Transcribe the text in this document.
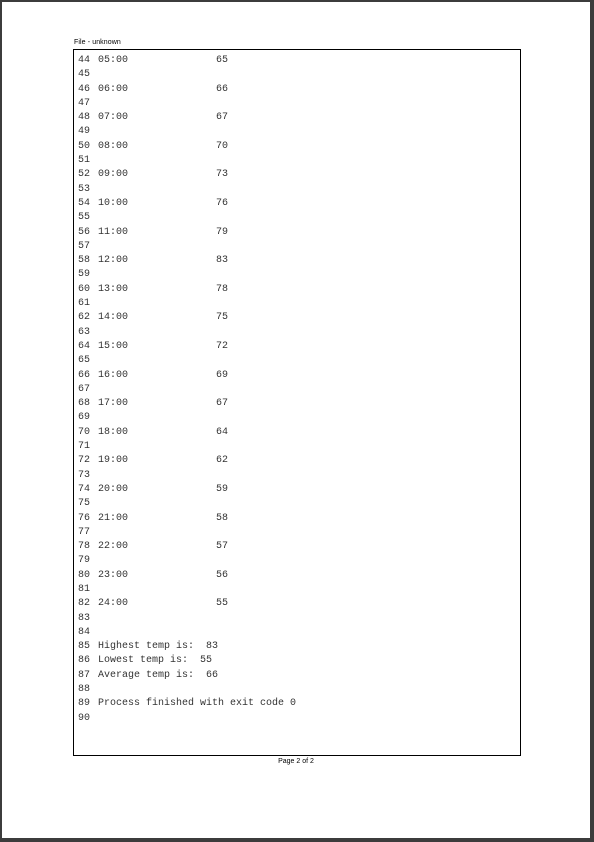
File - unknown
44 05:00	65
45
46 06:00	66
47
48 07:00	67
49
50 08:00	70
51
52 09:00	73
53
54 10:00	76
55
56 11:00	79
57
58 12:00	83
59
60 13:00	78
61
62 14:00	75
63
64 15:00	72
65
66 16:00	69
67
68 17:00	67
69
70 18:00	64
71
72 19:00	62
73
74 20:00	59
75
76 21:00	58
77
78 22:00	57
79
80 23:00	56
81
82 24:00	55
83
84
85 Highest temp is:  83
86 Lowest temp is:  55
87 Average temp is:  66
88
89 Process finished with exit code 0
90
Page 2 of 2
